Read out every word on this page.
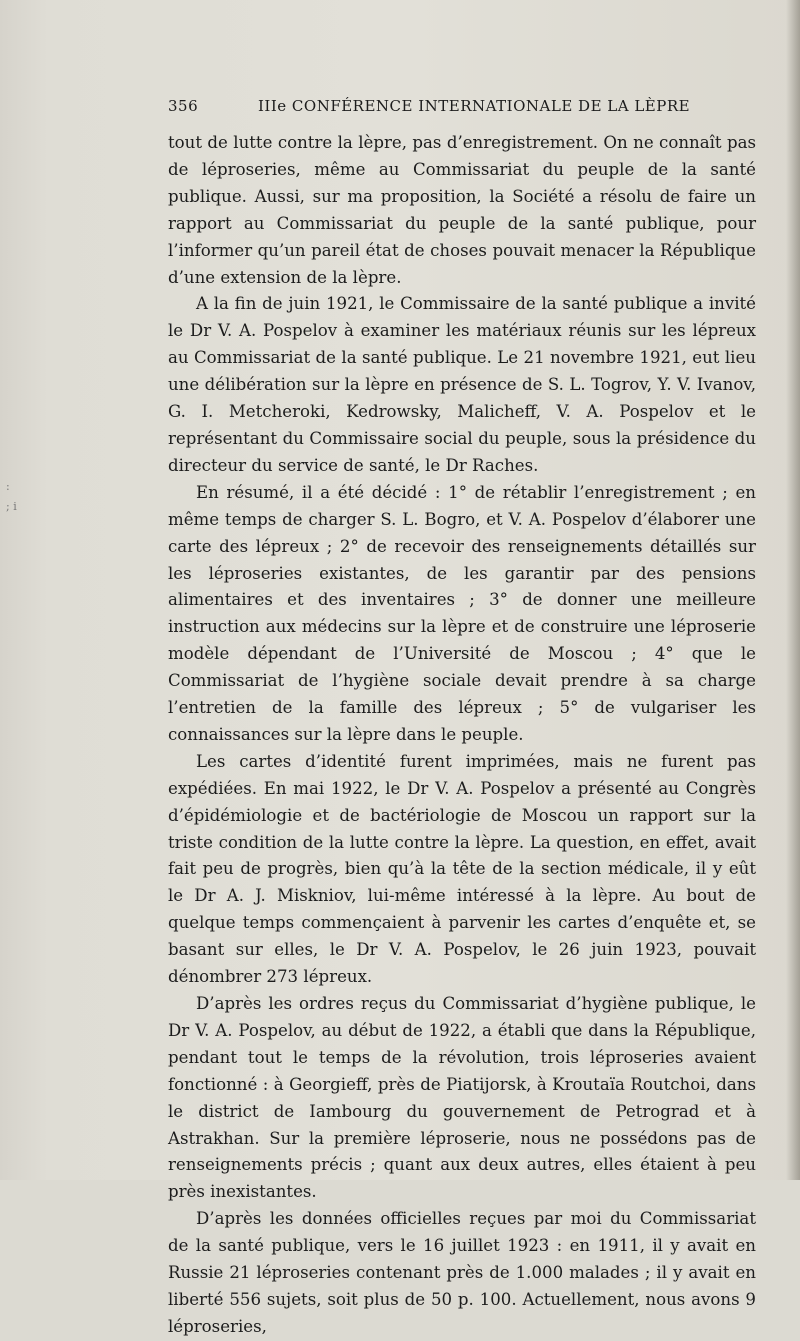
:
; i
356	IIIe CONFÉRENCE INTERNATIONALE DE LA LÈPRE

tout de lutte contre la lèpre, pas d’enregistrement. On ne connaît pas de léproseries, même au Commissariat du peuple de la santé publique. Aussi, sur ma proposition, la Société a résolu de faire un rapport au Commissariat du peuple de la santé publique, pour l’informer qu’un pareil état de choses pouvait menacer la République d’une extension de la lèpre.

A la fin de juin 1921, le Commissaire de la santé publique a invité le Dr V. A. Pospelov à examiner les matériaux réunis sur les lépreux au Commissariat de la santé publique. Le 21 novembre 1921, eut lieu une délibération sur la lèpre en présence de S. L. Togrov, Y. V. Ivanov, G. I. Metcheroki, Kedrowsky, Malicheff, V. A. Pospelov et le représentant du Commissaire social du peuple, sous la présidence du directeur du service de santé, le Dr Raches.

En résumé, il a été décidé : 1° de rétablir l’enregistrement ; en même temps de charger S. L. Bogro, et V. A. Pospelov d’élaborer une carte des lépreux ; 2° de recevoir des renseignements détaillés sur les léproseries existantes, de les garantir par des pensions alimentaires et des inventaires ; 3° de donner une meilleure instruction aux médecins sur la lèpre et de construire une léproserie modèle dépendant de l’Université de Moscou ; 4° que le Commissariat de l’hygiène sociale devait prendre à sa charge l’entretien de la famille des lépreux ; 5° de vulgariser les connaissances sur la lèpre dans le peuple.

Les cartes d’identité furent imprimées, mais ne furent pas expédiées. En mai 1922, le Dr V. A. Pospelov a présenté au Congrès d’épidémiologie et de bactériologie de Moscou un rapport sur la triste condition de la lutte contre la lèpre. La question, en effet, avait fait peu de progrès, bien qu’à la tête de la section médicale, il y eût le Dr A. J. Miskniov, lui-même intéressé à la lèpre. Au bout de quelque temps commençaient à parvenir les cartes d’enquête et, se basant sur elles, le Dr V. A. Pospelov, le 26 juin 1923, pouvait dénombrer 273 lépreux.

D’après les ordres reçus du Commissariat d’hygiène publique, le Dr V. A. Pospelov, au début de 1922, a établi que dans la République, pendant tout le temps de la révolution, trois léproseries avaient fonctionné : à Georgieff, près de Piatijorsk, à Kroutaïa Routchoi, dans le district de Iambourg du gouvernement de Petrograd et à Astrakhan. Sur la première léproserie, nous ne possédons pas de renseignements précis ; quant aux deux autres, elles étaient à peu près inexistantes.

D’après les données officielles reçues par moi du Commissariat de la santé publique, vers le 16 juillet 1923 : en 1911, il y avait en Russie 21 léproseries contenant près de 1.000 malades ; il y avait en liberté 556 sujets, soit plus de 50 p. 100. Actuellement, nous avons 9 léproseries,
